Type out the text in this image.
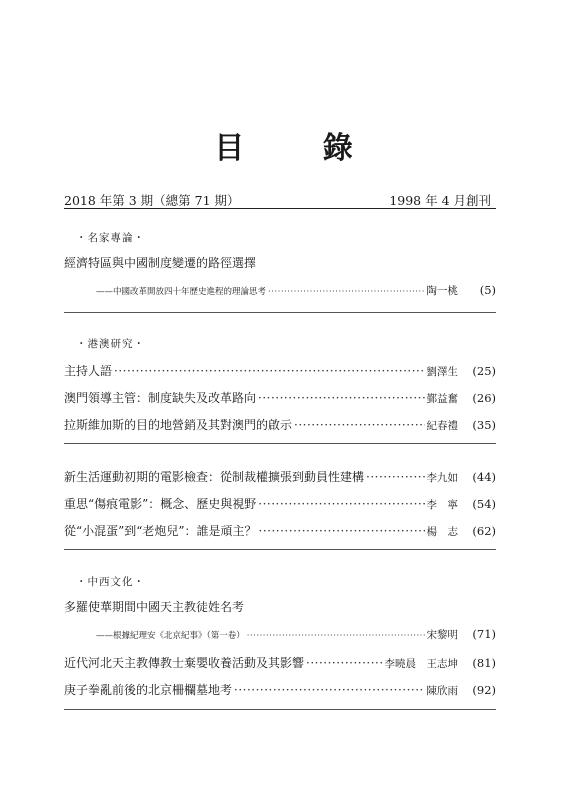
目 錄
2018 年第 3 期（總第 71 期）	1998 年 4 月創刊
・名家專論・
經濟特區與中國制度變遷的路徑選擇
——中國改革開放四十年歷史進程的理論思考 ·····	陶一桃	(5)
・港澳研究・
主持人語 ·····	劉澤生	(25)
澳門領導主管：制度缺失及改革路向 ·····	鄞益奮	(26)
拉斯維加斯的目的地營銷及其對澳門的啟示 ·····	紀春禮	(35)
新生活運動初期的電影檢查：從制裁權擴張到動員性建構 ·····	李九如	(44)
重思“傷痕電影”：概念、歷史與視野 ·····	李　寧	(54)
從“小混蛋”到“老炮兒”：誰是頑主？ ·····	楊　志	(62)
・中西文化・
多羅使華期間中國天主教徒姓名考
——根據紀理安《北京紀事》（第一卷） ·····	宋黎明	(71)
近代河北天主教傳教士棄嬰收養活動及其影響 ·····	李曉晨　王志坤	(81)
庚子拳亂前後的北京柵欄墓地考 ·····	陳欣雨	(92)
